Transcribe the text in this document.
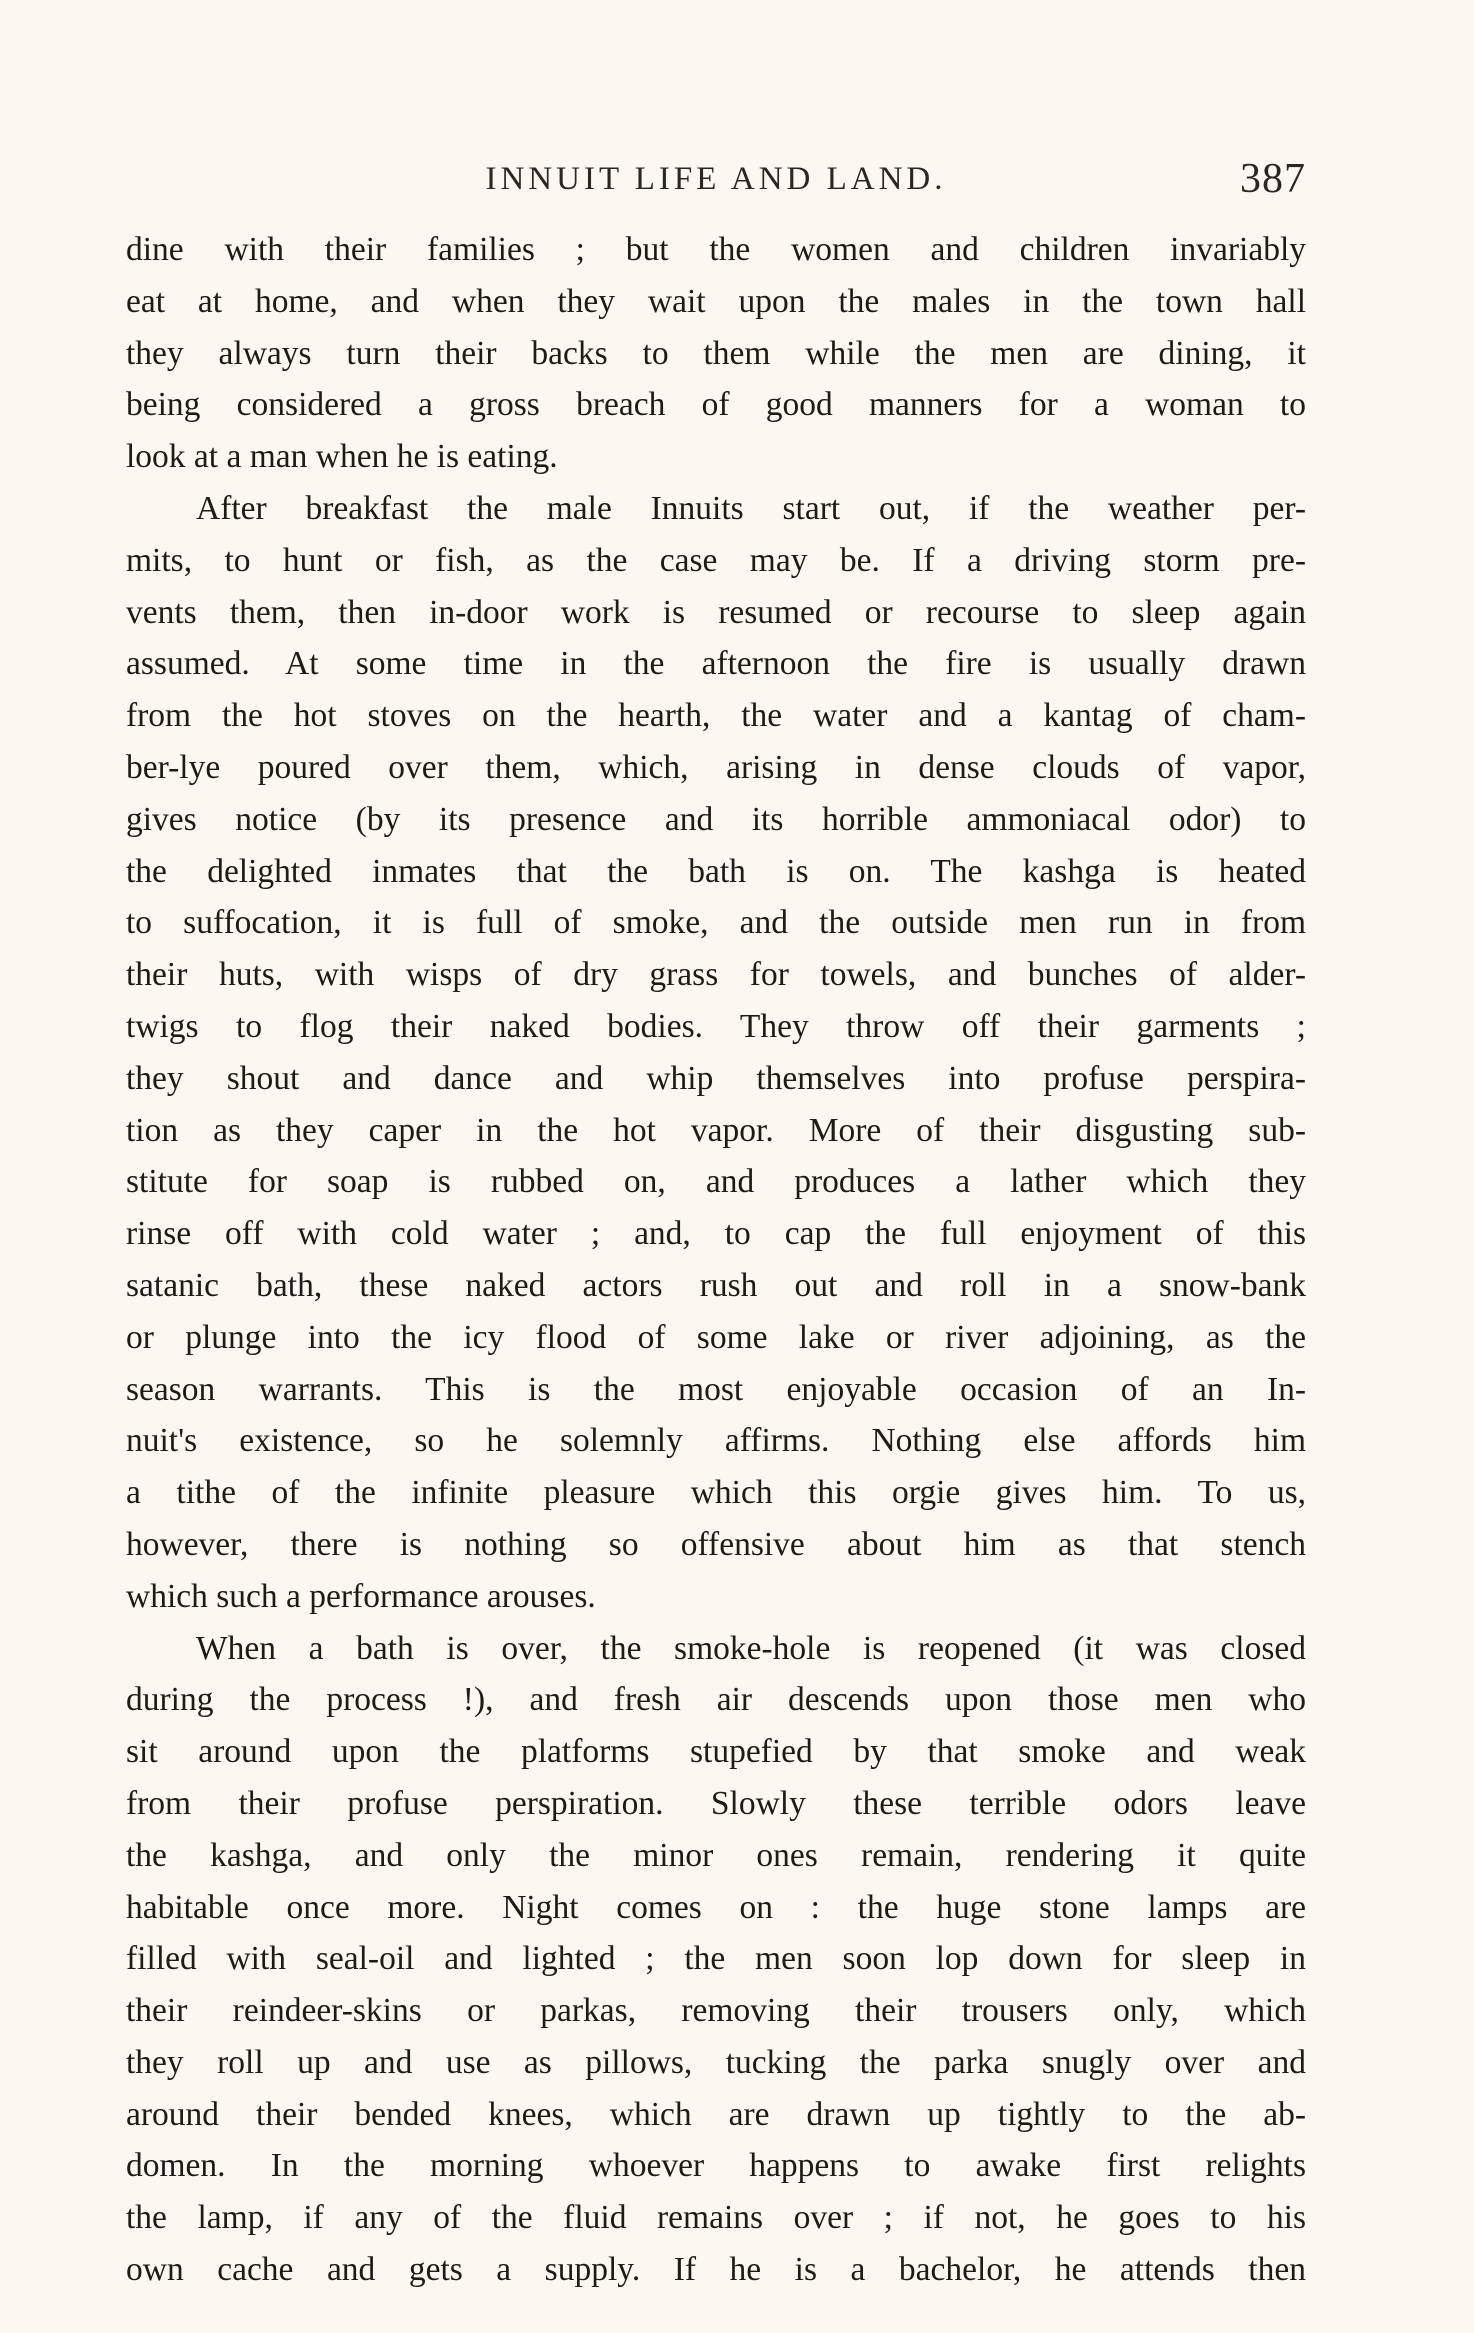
INNUIT LIFE AND LAND.	387
dine with their families ; but the women and children invariably
eat at home, and when they wait upon the males in the town hall
they always turn their backs to them while the men are dining, it
being considered a gross breach of good manners for a woman to
look at a man when he is eating.
After breakfast the male Innuits start out, if the weather per-
mits, to hunt or fish, as the case may be. If a driving storm pre-
vents them, then in-door work is resumed or recourse to sleep again
assumed. At some time in the afternoon the fire is usually drawn
from the hot stoves on the hearth, the water and a kantag of cham-
ber-lye poured over them, which, arising in dense clouds of vapor,
gives notice (by its presence and its horrible ammoniacal odor) to
the delighted inmates that the bath is on. The kashga is heated
to suffocation, it is full of smoke, and the outside men run in from
their huts, with wisps of dry grass for towels, and bunches of alder-
twigs to flog their naked bodies. They throw off their garments ;
they shout and dance and whip themselves into profuse perspira-
tion as they caper in the hot vapor. More of their disgusting sub-
stitute for soap is rubbed on, and produces a lather which they
rinse off with cold water ; and, to cap the full enjoyment of this
satanic bath, these naked actors rush out and roll in a snow-bank
or plunge into the icy flood of some lake or river adjoining, as the
season warrants. This is the most enjoyable occasion of an In-
nuit's existence, so he solemnly affirms. Nothing else affords him
a tithe of the infinite pleasure which this orgie gives him. To us,
however, there is nothing so offensive about him as that stench
which such a performance arouses.
When a bath is over, the smoke-hole is reopened (it was closed
during the process !), and fresh air descends upon those men who
sit around upon the platforms stupefied by that smoke and weak
from their profuse perspiration. Slowly these terrible odors leave
the kashga, and only the minor ones remain, rendering it quite
habitable once more. Night comes on : the huge stone lamps are
filled with seal-oil and lighted ; the men soon lop down for sleep in
their reindeer-skins or parkas, removing their trousers only, which
they roll up and use as pillows, tucking the parka snugly over and
around their bended knees, which are drawn up tightly to the ab-
domen. In the morning whoever happens to awake first relights
the lamp, if any of the fluid remains over ; if not, he goes to his
own cache and gets a supply. If he is a bachelor, he attends then
